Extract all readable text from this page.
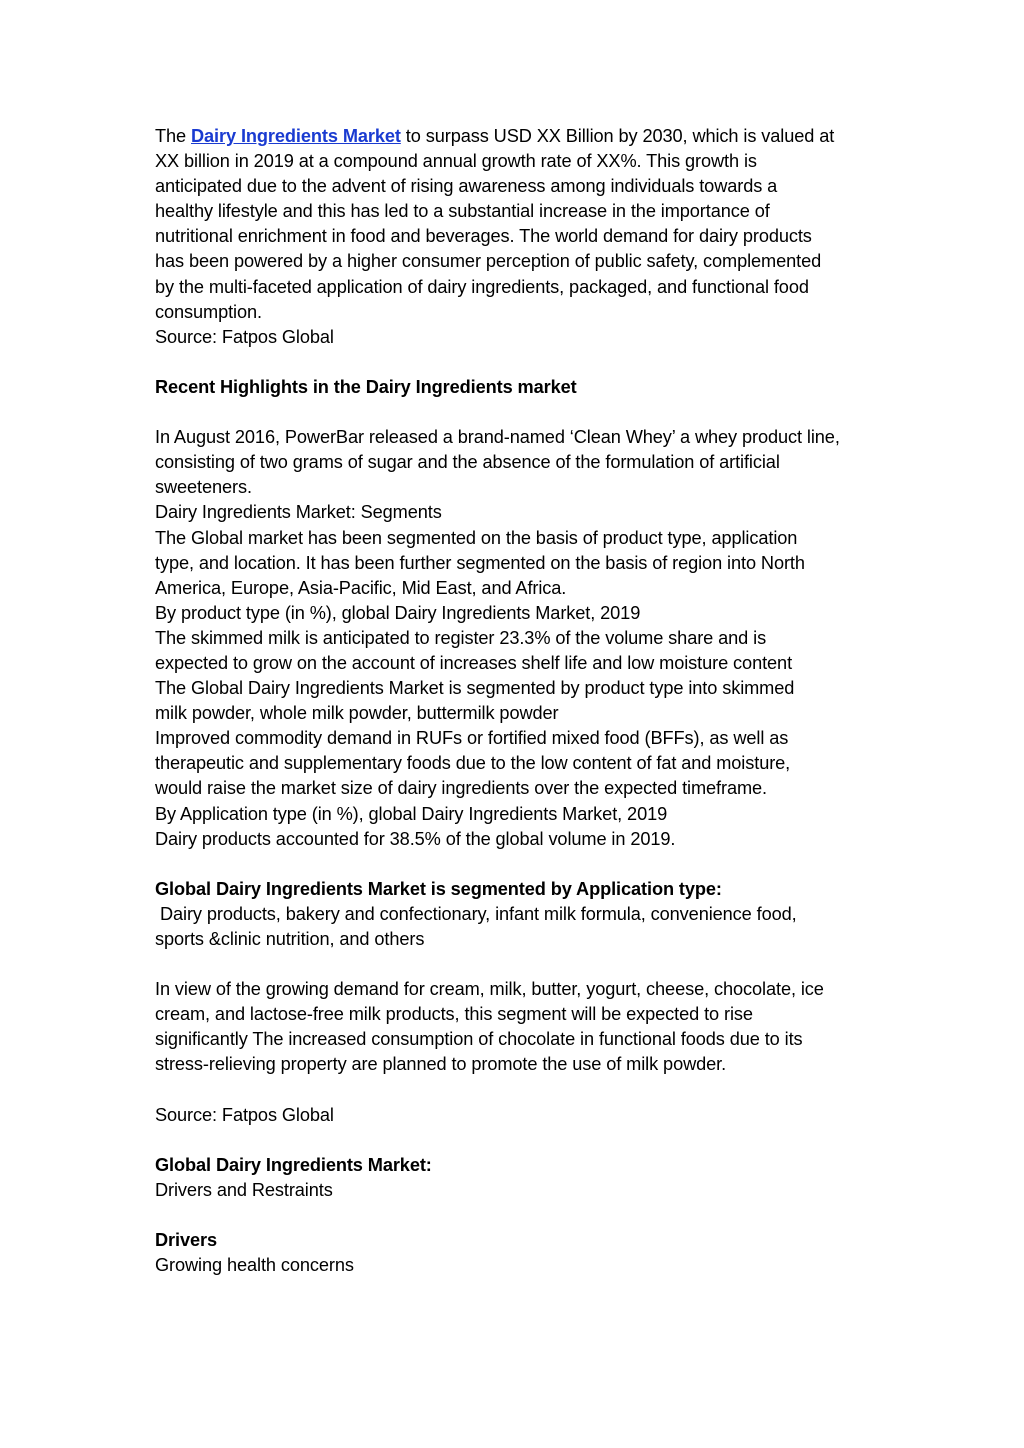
The Dairy Ingredients Market to surpass USD XX Billion by 2030, which is valued at
XX billion in 2019 at a compound annual growth rate of XX%. This growth is
anticipated due to the advent of rising awareness among individuals towards a
healthy lifestyle and this has led to a substantial increase in the importance of
nutritional enrichment in food and beverages. The world demand for dairy products
has been powered by a higher consumer perception of public safety, complemented
by the multi-faceted application of dairy ingredients, packaged, and functional food
consumption.
Source: Fatpos Global
Recent Highlights in the Dairy Ingredients market
In August 2016, PowerBar released a brand-named ‘Clean Whey’ a whey product line,
consisting of two grams of sugar and the absence of the formulation of artificial
sweeteners.
Dairy Ingredients Market: Segments
The Global market has been segmented on the basis of product type, application
type, and location. It has been further segmented on the basis of region into North
America, Europe, Asia-Pacific, Mid East, and Africa.
By product type (in %), global Dairy Ingredients Market, 2019
The skimmed milk is anticipated to register 23.3% of the volume share and is
expected to grow on the account of increases shelf life and low moisture content
The Global Dairy Ingredients Market is segmented by product type into skimmed
milk powder, whole milk powder, buttermilk powder
Improved commodity demand in RUFs or fortified mixed food (BFFs), as well as
therapeutic and supplementary foods due to the low content of fat and moisture,
would raise the market size of dairy ingredients over the expected timeframe.
By Application type (in %), global Dairy Ingredients Market, 2019
Dairy products accounted for 38.5% of the global volume in 2019.
Global Dairy Ingredients Market is segmented by Application type:
Dairy products, bakery and confectionary, infant milk formula, convenience food,
sports &clinic nutrition, and others
In view of the growing demand for cream, milk, butter, yogurt, cheese, chocolate, ice
cream, and lactose-free milk products, this segment will be expected to rise
significantly The increased consumption of chocolate in functional foods due to its
stress-relieving property are planned to promote the use of milk powder.
Source: Fatpos Global
Global Dairy Ingredients Market:
Drivers and Restraints
Drivers
Growing health concerns
